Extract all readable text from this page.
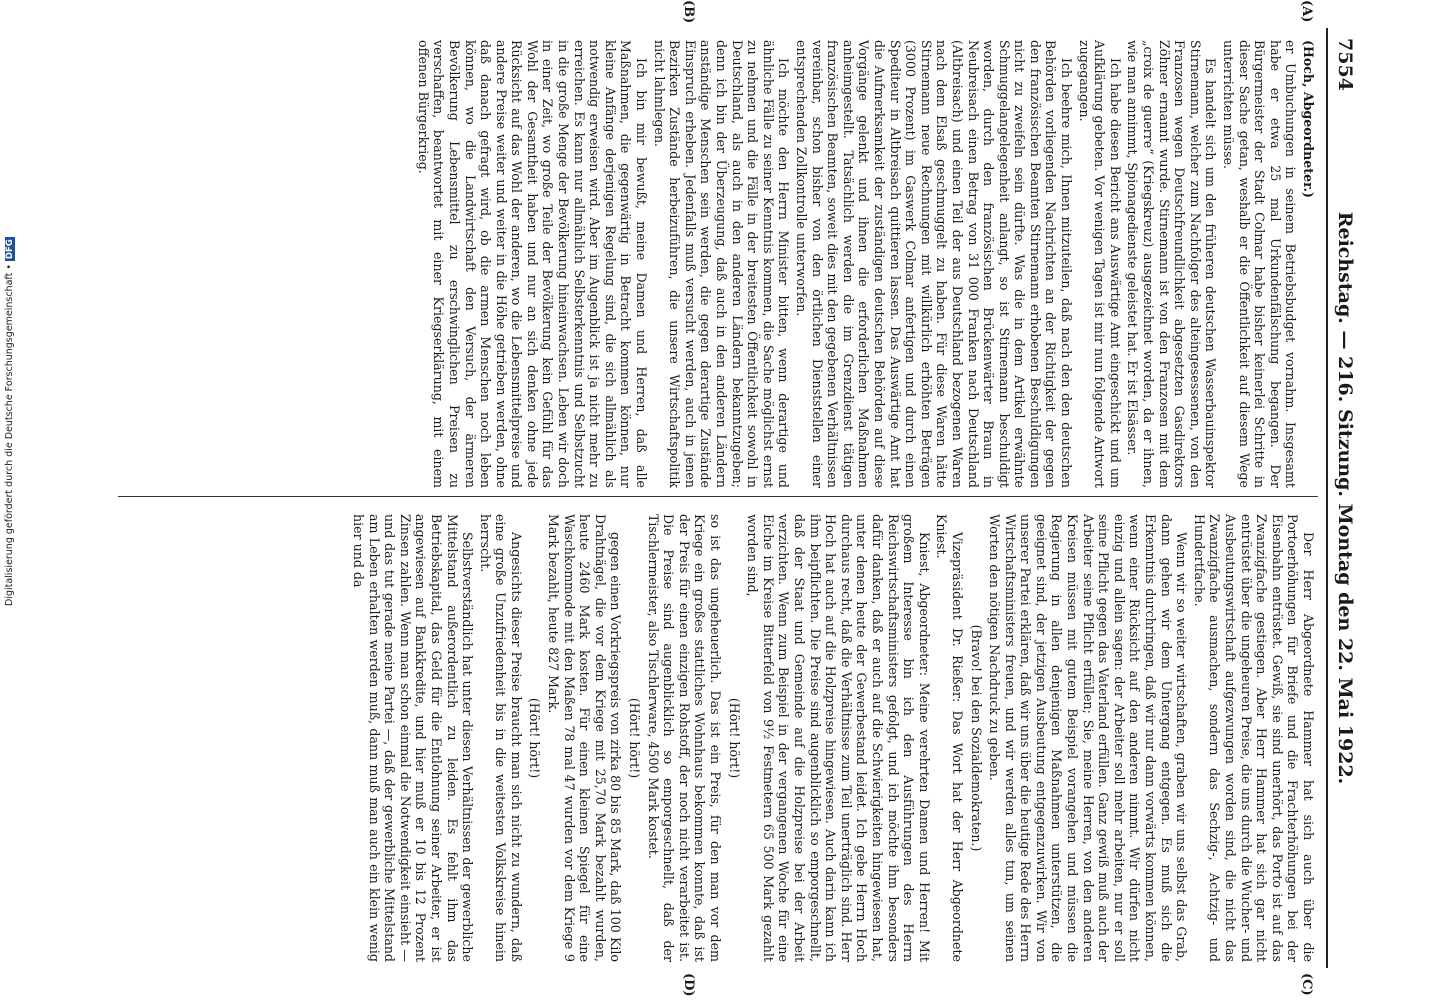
7554
Reichstag. — 216. Sitzung. Montag den 22. Mai 1922.
(A)
(B)
(C)
(D)

(Hoch, Abgeordneter.)

er Umbuchungen in seinem Betriebsbudget vornahm. Insgesamt habe er etwa 25 mal Urkundenfälschung begangen. Der Bürgermeister der Stadt Colmar habe bisher keinerlei Schritte in dieser Sache getan, weshalb er die Öffentlichkeit auf diesem Wege unterrichten müsse.

Es handelt sich um den früheren deutschen Wasserbauinspektor Stirnemann, welcher zum Nachfolger des alteingesessenen, von den Franzosen wegen Deutschfreundlichkeit abgesetzten Gasdirektors Zöhner ernannt wurde. Stirnemann ist von den Franzosen mit dem „croix de guerre“ (Kriegskreuz) ausgezeichnet worden, da er ihnen, wie man annimmt, Spionagedienste geleistet hat. Er ist Elsässer.

Ich habe diesen Bericht ans Auswärtige Amt eingeschickt und um Aufklärung gebeten. Vor wenigen Tagen ist mir nun folgende Antwort zugegangen.

Ich beehre mich, Ihnen mitzuteilen, daß nach den den deutschen Behörden vorliegenden Nachrichten an der Richtigkeit der gegen den französischen Beamten Stirnemann erhobenen Beschuldigungen nicht zu zweifeln sein dürfte. Was die in dem Artikel erwähnte Schmuggelangelegenheit anlangt, so ist Stirnemann beschuldigt worden, durch den französischen Brückenwärter Braun in Neubreisach einen Betrag von 31 000 Franken nach Deutschland (Altbreisach) und einen Teil der aus Deutschland bezogenen Waren nach dem Elsaß geschmuggelt zu haben. Für diese Waren hätte Stirnemann neue Rechnungen mit willkürlich erhöhten Beträgen (3000 Prozent) im Gaswerk Colmar anfertigen und durch einen Spediteur in Altbreisach quittieren lassen. Das Auswärtige Amt hat die Aufmerksamkeit der zuständigen deutschen Behörden auf diese Vorgänge gelenkt und ihnen die erforderlichen Maßnahmen anheimgestellt. Tatsächlich werden die im Grenzdienst tätigen französischen Beamten, soweit dies mit den gegebenen Verhältnissen vereinbar, schon bisher von den örtlichen Dienststellen einer entsprechenden Zollkontrolle unterworfen.

Ich möchte den Herrn Minister bitten, wenn derartige und ähnliche Fälle zu seiner Kenntnis kommen, die Sache möglichst ernst zu nehmen und die Fälle in der breitesten Öffentlichkeit sowohl in Deutschland, als auch in den anderen Ländern bekanntzugeben; denn ich bin der Überzeugung, daß auch in den anderen Ländern anständige Menschen sein werden, die gegen derartige Zustände Einspruch erheben. Jedenfalls muß versucht werden, auch in jenen Bezirken Zustände herbeizuführen, die unsere Wirtschaftspolitik nicht lahmlegen.

Ich bin mir bewußt, meine Damen und Herren, daß alle Maßnahmen, die gegenwärtig in Betracht kommen können, nur kleine Anfänge derjenigen Regelung sind, die sich allmählich als notwendig erweisen wird. Aber im Augenblick ist ja nicht mehr zu erreichen. Es kann nur allmählich Selbsterkenntnis und Selbstzucht in die große Menge der Bevölkerung hineinwachsen. Leben wir doch in einer Zeit, wo große Teile der Bevölkerung kein Gefühl für das Wohl der Gesamtheit haben und nur an sich denken ohne jede Rücksicht auf das Wohl der anderen, wo die Lebensmittelpreise und andere Preise weiter und weiter in die Höhe getrieben werden, ohne daß danach gefragt wird, ob die armen Menschen noch leben können, wo die Landwirtschaft den Versuch, der ärmeren Bevölkerung Lebensmittel zu erschwinglichen Preisen zu verschaffen, beantwortet mit einer Kriegserklärung, mit einem offenen Bürgerkrieg.

Der Herr Abgeordnete Hammer hat sich auch über die Portoerhöhungen für Briefe und die Frachterhöhungen bei der Eisenbahn entrüstet. Gewiß, sie sind unerhört, das Porto ist auf das Zwanzigfache gestiegen. Aber Herr Hammer hat sich gar nicht entrüstet über die ungeheuren Preise, die uns durch die Wucher- und Ausbeutungswirtschaft aufgezwungen worden sind, die nicht das Zwanzigfache ausmachen, sondern das Sechzig-, Achtzig- und Hundertfache.

Wenn wir so weiter wirtschaften, graben wir uns selbst das Grab, dann gehen wir dem Untergang entgegen. Es muß sich die Erkenntnis durchringen, daß wir nur dann vorwärts kommen können, wenn einer Rücksicht auf den anderen nimmt. Wir dürfen nicht einzig und allein sagen: der Arbeiter soll mehr arbeiten, nur er soll seine Pflicht gegen das Vaterland erfüllen. Ganz gewiß muß auch der Arbeiter seine Pflicht erfüllen; Sie, meine Herren, von den anderen Kreisen müssen mit gutem Beispiel vorangehen und müssen die Regierung in allen denjenigen Maßnahmen unterstützen, die geeignet sind, der jetzigen Ausbeutung entgegenzuwirken. Wir von unserer Partei erklären, daß wir uns über die heutige Rede des Herrn Wirtschaftsministers freuen, und wir werden alles tun, um seinen Worten den nötigen Nachdruck zu geben.

(Bravo! bei den Sozialdemokraten.)

Vizepräsident Dr. Rießer: Das Wort hat der Herr Abgeordnete Kniest.

Kniest, Abgeordneter: Meine verehrten Damen und Herren! Mit großem Interesse bin ich den Ausführungen des Herrn Reichswirtschaftsministers gefolgt, und ich möchte ihm besonders dafür danken, daß er auch auf die Schwierigkeiten hingewiesen hat, unter denen heute der Gewerbestand leidet. Ich gebe Herrn Hoch durchaus recht, daß die Verhältnisse zum Teil unerträglich sind. Herr Hoch hat auch auf die Holzpreise hingewiesen. Auch darin kann ich ihm beipflichten. Die Preise sind augenblicklich so emporgeschnellt, daß der Staat und Gemeinde auf die Holzpreise bei der Arbeit verzichten. Wenn zum Beispiel in der vergangenen Woche für eine Eiche im Kreise Bitterfeld von 9½ Festmetern 65 500 Mark gezahlt worden sind,

(Hört! hört!)

so ist das ungeheuerlich. Das ist ein Preis, für den man vor dem Kriege ein großes stattliches Wohnhaus bekommen konnte, daß ist der Preis für einen einzigen Rohstoff, der noch nicht verarbeitet ist. Die Preise sind augenblicklich so emporgeschnellt, daß der Tischlermeister, also Tischlerware, 4500 Mark kostet.

(Hört! hört!)

gegen einen Vorkriegspreis von zirka 80 bis 85 Mark, daß 100 Kilo Drahtnägel, die vor dem Kriege mit 25,70 Mark bezahlt wurden, heute 2460 Mark kosten. Für einen kleinen Spiegel für eine Waschkommode mit den Maßen 78 mal 47 wurden vor dem Kriege 9 Mark bezahlt, heute 827 Mark.

(Hört! hört!)

Angesichts dieser Preise braucht man sich nicht zu wundern, daß eine große Unzufriedenheit bis in die weitesten Volkskreise hinein herrscht.

Selbstverständlich hat unter diesen Verhältnissen der gewerbliche Mittelstand außerordentlich zu leiden. Es fehlt ihm das Betriebskapital, das Geld für die Entlohnung seiner Arbeiter, er ist angewiesen auf Bankkredite, und hier muß er 10 bis 12 Prozent Zinsen zahlen. Wenn man schon einmal die Notwendigkeit einsieht — und das tut gerade meine Partei —, daß der gewerbliche Mittelstand am Leben erhalten werden muß, dann muß man auch ein klein wenig hier und da

Digitalisierung gefördert durch die Deutsche Forschungsgemeinschaft •DFG
